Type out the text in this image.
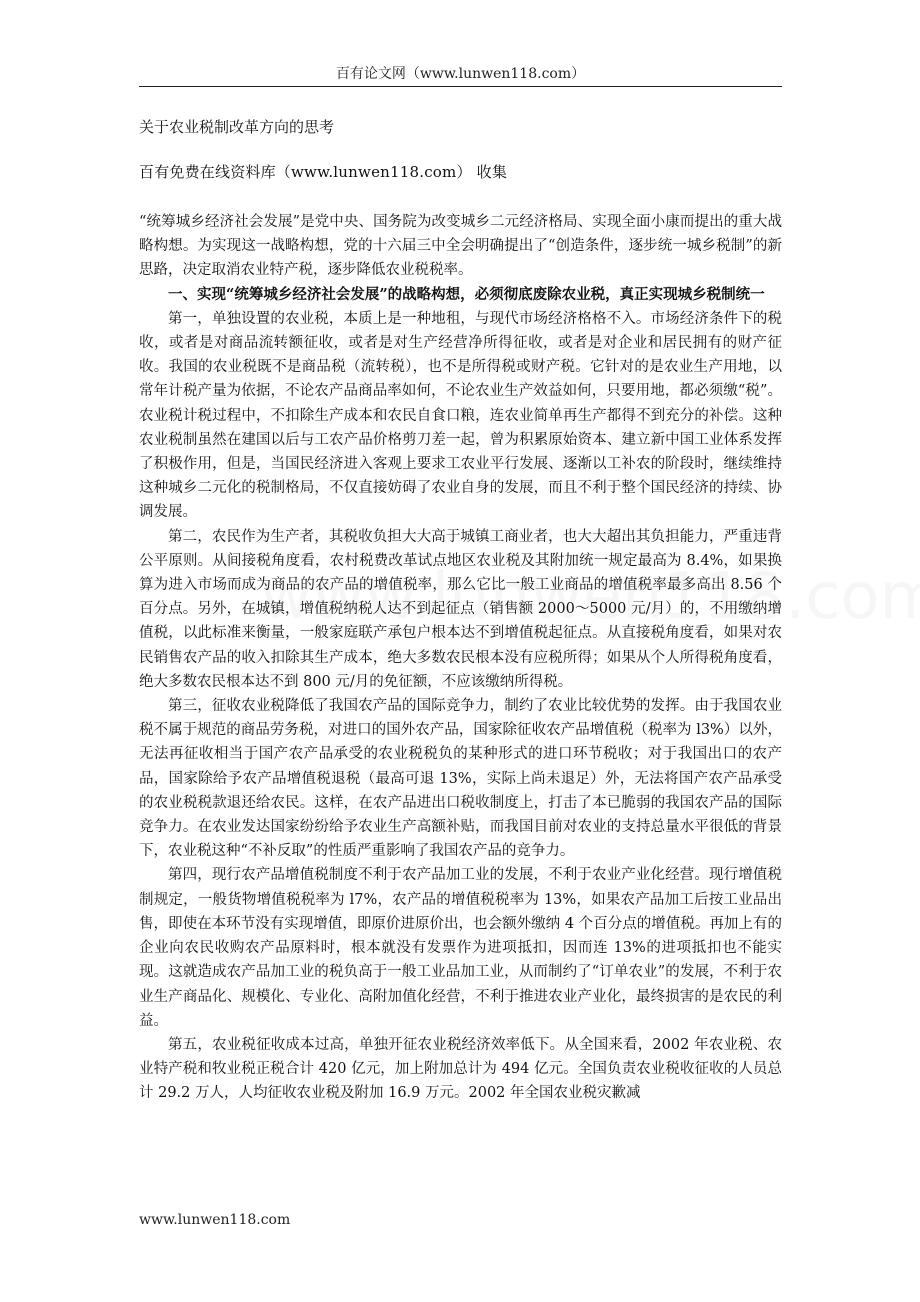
百有论文网（www.lunwen118.com）
关于农业税制改革方向的思考
百有免费在线资料库（www.lunwen118.com） 收集

“统筹城乡经济社会发展”是党中央、国务院为改变城乡二元经济格局、实现全面小康而提出的重大战略构想。为实现这一战略构想，党的十六届三中全会明确提出了“创造条件，逐步统一城乡税制”的新思路，决定取消农业特产税，逐步降低农业税税率。

一、实现“统筹城乡经济社会发展”的战略构想，必须彻底废除农业税，真正实现城乡税制统一

第一，单独设置的农业税，本质上是一种地租，与现代市场经济格格不入。市场经济条件下的税收，或者是对商品流转额征收，或者是对生产经营净所得征收，或者是对企业和居民拥有的财产征收。我国的农业税既不是商品税（流转税），也不是所得税或财产税。它针对的是农业生产用地，以常年计税产量为依据，不论农产品商品率如何，不论农业生产效益如何，只要用地，都必须缴“税”。农业税计税过程中，不扣除生产成本和农民自食口粮，连农业简单再生产都得不到充分的补偿。这种农业税制虽然在建国以后与工农产品价格剪刀差一起，曾为积累原始资本、建立新中国工业体系发挥了积极作用，但是，当国民经济进入客观上要求工农业平行发展、逐渐以工补农的阶段时，继续维持这种城乡二元化的税制格局，不仅直接妨碍了农业自身的发展，而且不利于整个国民经济的持续、协调发展。

第二，农民作为生产者，其税收负担大大高于城镇工商业者，也大大超出其负担能力，严重违背公平原则。从间接税角度看，农村税费改革试点地区农业税及其附加统一规定最高为 8.4%，如果换算为进入市场而成为商品的农产品的增值税率，那么它比一般工业商品的增值税率最多高出 8.56 个百分点。另外，在城镇，增值税纳税人达不到起征点（销售额 2000～5000 元/月）的，不用缴纳增值税，以此标准来衡量，一般家庭联产承包户根本达不到增值税起征点。从直接税角度看，如果对农民销售农产品的收入扣除其生产成本，绝大多数农民根本没有应税所得；如果从个人所得税角度看，绝大多数农民根本达不到 800 元/月的免征额，不应该缴纳所得税。

第三，征收农业税降低了我国农产品的国际竞争力，制约了农业比较优势的发挥。由于我国农业税不属于规范的商品劳务税，对进口的国外农产品，国家除征收农产品增值税（税率为 l3%）以外，无法再征收相当于国产农产品承受的农业税税负的某种形式的进口环节税收；对于我国出口的农产品，国家除给予农产品增值税退税（最高可退 13%，实际上尚未退足）外，无法将国产农产品承受的农业税税款退还给农民。这样，在农产品进出口税收制度上，打击了本已脆弱的我国农产品的国际竞争力。在农业发达国家纷纷给予农业生产高额补贴，而我国目前对农业的支持总量水平很低的背景下，农业税这种“不补反取”的性质严重影响了我国农产品的竞争力。

第四，现行农产品增值税制度不利于农产品加工业的发展，不利于农业产业化经营。现行增值税制规定，一般货物增值税税率为 l7%，农产品的增值税税率为 13%，如果农产品加工后按工业品出售，即使在本环节没有实现增值，即原价进原价出，也会额外缴纳 4 个百分点的增值税。再加上有的企业向农民收购农产品原料时，根本就没有发票作为进项抵扣，因而连 13%的进项抵扣也不能实现。这就造成农产品加工业的税负高于一般工业品加工业，从而制约了“订单农业”的发展，不利于农业生产商品化、规模化、专业化、高附加值化经营，不利于推进农业产业化，最终损害的是农民的利益。

第五，农业税征收成本过高，单独开征农业税经济效率低下。从全国来看，2002 年农业税、农业特产税和牧业税正税合计 420 亿元，加上附加总计为 494 亿元。全国负责农业税收征收的人员总计 29.2 万人，人均征收农业税及附加 16.9 万元。2002 年全国农业税灾歉减

www.lunwen118.com
